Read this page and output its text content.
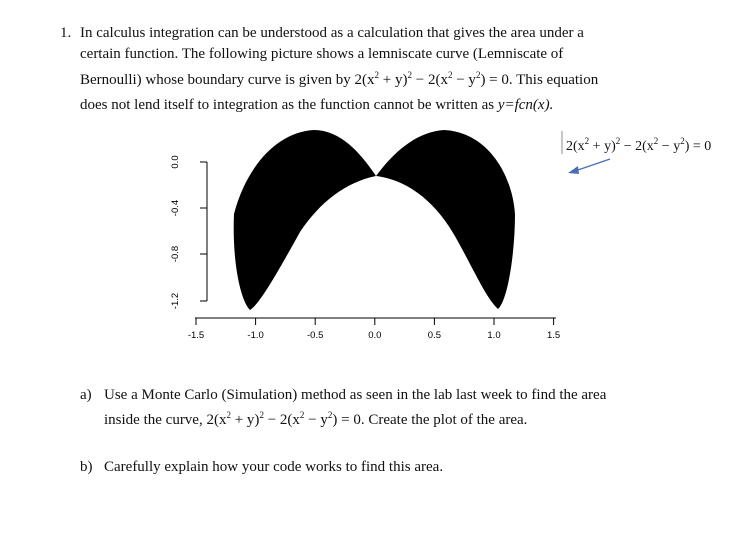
1. In calculus integration can be understood as a calculation that gives the area under a
certain function. The following picture shows a lemniscate curve (Lemniscate of
Bernoulli) whose boundary curve is given by $2(x^2 + y)^2 - 2(x^2 - y^2) = 0$. This equation
does not lend itself to integration as the function cannot be written as y=fcn(x).
0.0
-0.4
-0.8
-1.2
-1.5	-1.0	-0.5	0.0	0.5	1.0	1.5
$2(x^2 + y)^2 - 2(x^2 - y^2) = 0$
a) Use a Monte Carlo (Simulation) method as seen in the lab last week to find the area
inside the curve, $2(x^2 + y)^2 - 2(x^2 - y^2) = 0$. Create the plot of the area.
b) Carefully explain how your code works to find this area.
